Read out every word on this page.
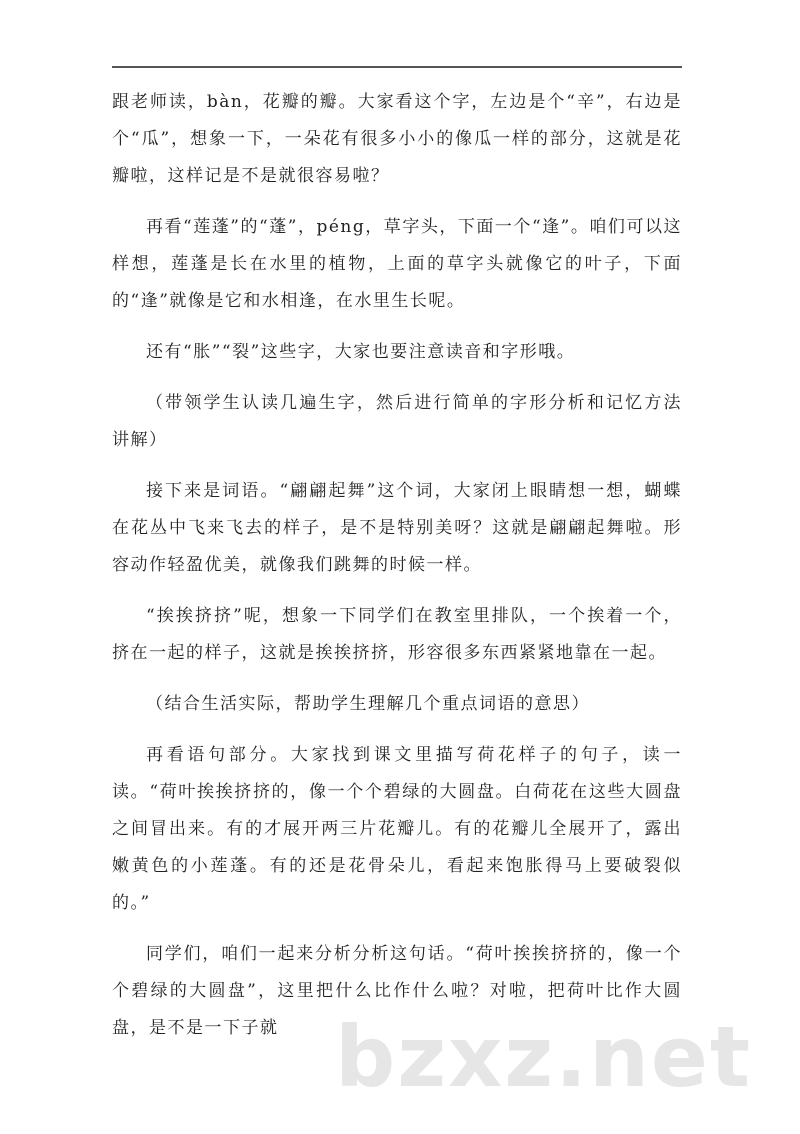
跟老师读，bàn，花瓣的瓣。大家看这个字，左边是个“辛”，右边是个“瓜”，想象一下，一朵花有很多小小的像瓜一样的部分，这就是花瓣啦，这样记是不是就很容易啦？

再看“莲蓬”的“蓬”，péng，草字头，下面一个“逢”。咱们可以这样想，莲蓬是长在水里的植物，上面的草字头就像它的叶子，下面的“逢”就像是它和水相逢，在水里生长呢。

还有“胀”“裂”这些字，大家也要注意读音和字形哦。

（带领学生认读几遍生字，然后进行简单的字形分析和记忆方法讲解）

接下来是词语。“翩翩起舞”这个词，大家闭上眼睛想一想，蝴蝶在花丛中飞来飞去的样子，是不是特别美呀？这就是翩翩起舞啦。形容动作轻盈优美，就像我们跳舞的时候一样。

“挨挨挤挤”呢，想象一下同学们在教室里排队，一个挨着一个，挤在一起的样子，这就是挨挨挤挤，形容很多东西紧紧地靠在一起。

（结合生活实际，帮助学生理解几个重点词语的意思）

再看语句部分。大家找到课文里描写荷花样子的句子，读一读。“荷叶挨挨挤挤的，像一个个碧绿的大圆盘。白荷花在这些大圆盘之间冒出来。有的才展开两三片花瓣儿。有的花瓣儿全展开了，露出嫩黄色的小莲蓬。有的还是花骨朵儿，看起来饱胀得马上要破裂似的。”

同学们，咱们一起来分析分析这句话。“荷叶挨挨挤挤的，像一个个碧绿的大圆盘”，这里把什么比作什么啦？对啦，把荷叶比作大圆盘，是不是一下子就 bzxz.net
